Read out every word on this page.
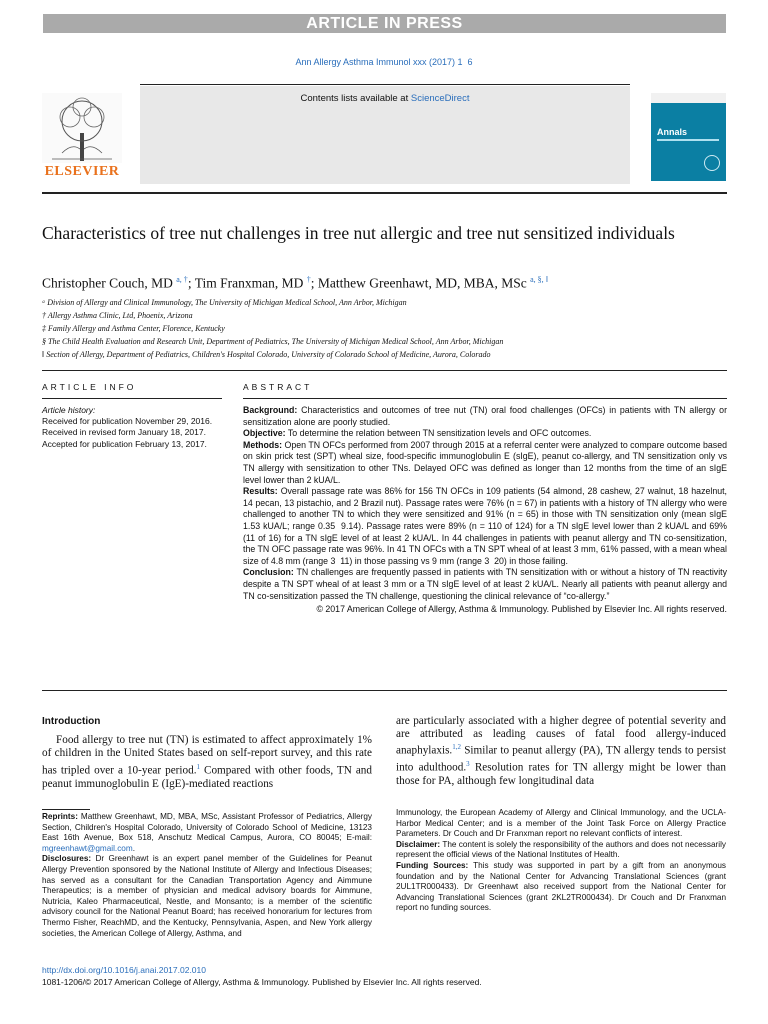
ARTICLE IN PRESS
Ann Allergy Asthma Immunol xxx (2017) 1  6
Contents lists available at ScienceDirect
ELSEVIER
Annals
Characteristics of tree nut challenges in tree nut allergic and tree nut sensitized individuals
Christopher Couch, MD $^{a, \dagger}$; Tim Franxman, MD †; Matthew Greenhawt, MD, MBA, MSc $^{a, \S, ‖}$
ᵃ Division of Allergy and Clinical Immunology, The University of Michigan Medical School, Ann Arbor, Michigan
† Allergy Asthma Clinic, Ltd, Phoenix, Arizona
‡ Family Allergy and Asthma Center, Florence, Kentucky
§ The Child Health Evaluation and Research Unit, Department of Pediatrics, The University of Michigan Medical School, Ann Arbor, Michigan
‖ Section of Allergy, Department of Pediatrics, Children's Hospital Colorado, University of Colorado School of Medicine, Aurora, Colorado
ARTICLE INFO	ABSTRACT
Article history:
Received for publication November 29, 2016.
Received in revised form January 18, 2017.
Accepted for publication February 13, 2017.

Background: Characteristics and outcomes of tree nut (TN) oral food challenges (OFCs) in patients with TN allergy or sensitization alone are poorly studied.

Objective: To determine the relation between TN sensitization levels and OFC outcomes.

Methods: Open TN OFCs performed from 2007 through 2015 at a referral center were analyzed to compare outcome based on skin prick test (SPT) wheal size, food-specific immunoglobulin E (sIgE), peanut co-allergy, and TN sensitization only vs TN allergy with sensitization to other TNs. Delayed OFC was defined as longer than 12 months from the time of an sIgE level lower than 2 kUA/L.

Results: Overall passage rate was 86% for 156 TN OFCs in 109 patients (54 almond, 28 cashew, 27 walnut, 18 hazelnut, 14 pecan, 13 pistachio, and 2 Brazil nut). Passage rates were 76% (n = 67) in patients with a history of TN allergy who were challenged to another TN to which they were sensitized and 91% (n = 65) in those with TN sensitization only (mean sIgE 1.53 kUA/L; range 0.35  9.14). Passage rates were 89% (n = 110 of 124) for a TN sIgE level lower than 2 kUA/L and 69% (11 of 16) for a TN sIgE level of at least 2 kUA/L. In 44 challenges in patients with peanut allergy and TN co-sensitization, the TN OFC passage rate was 96%. In 41 TN OFCs with a TN SPT wheal of at least 3 mm, 61% passed, with a mean wheal size of 4.8 mm (range 3  11) in those passing vs 9 mm (range 3  20) in those failing.

Conclusion: TN challenges are frequently passed in patients with TN sensitization with or without a history of TN reactivity despite a TN SPT wheal of at least 3 mm or a TN sIgE level of at least 2 kUA/L. Nearly all patients with peanut allergy and TN co-sensitization passed the TN challenge, questioning the clinical relevance of “co-allergy.”

© 2017 American College of Allergy, Asthma & Immunology. Published by Elsevier Inc. All rights reserved.

Introduction
Food allergy to tree nut (TN) is estimated to affect approximately 1% of children in the United States based on self-report survey, and this rate has tripled over a 10-year period.$^1$ Compared with other foods, TN and peanut immunoglobulin E (IgE)-mediated reactions
are particularly associated with a higher degree of potential severity and are attributed as leading causes of fatal food allergy-induced anaphylaxis.$^{1,2}$ Similar to peanut allergy (PA), TN allergy tends to persist into adulthood.$^3$ Resolution rates for TN allergy might be lower than those for PA, although few longitudinal data
Reprints: Matthew Greenhawt, MD, MBA, MSc, Assistant Professor of Pediatrics, Allergy Section, Children's Hospital Colorado, University of Colorado School of Medicine, 13123 East 16th Avenue, Box 518, Anschutz Medical Campus, Aurora, CO 80045; E-mail: mgreenhawt@gmail.com.
Disclosures: Dr Greenhawt is an expert panel member of the Guidelines for Peanut Allergy Prevention sponsored by the National Institute of Allergy and Infectious Diseases; has served as a consultant for the Canadian Transportation Agency and Aimmune Therapeutics; is a member of physician and medical advisory boards for Aimmune, Nutricia, Kaleo Pharmaceutical, Nestle, and Monsanto; is a member of the scientific advisory council for the National Peanut Board; has received honorarium for lectures from Thermo Fisher, ReachMD, and the Kentucky, Pennsylvania, Aspen, and New York allergy societies, the American College of Allergy, Asthma, and
Immunology, the European Academy of Allergy and Clinical Immunology, and the UCLA-Harbor Medical Center; and is a member of the Joint Task Force on Allergy Practice Parameters. Dr Couch and Dr Franxman report no relevant conflicts of interest.
Disclaimer: The content is solely the responsibility of the authors and does not necessarily represent the official views of the National Institutes of Health.
Funding Sources: This study was supported in part by a gift from an anonymous foundation and by the National Center for Advancing Translational Sciences (grant 2UL1TR000433). Dr Greenhawt also received support from the National Center for Advancing Translational Sciences (grant 2KL2TR000434). Dr Couch and Dr Franxman report no funding sources.
http://dx.doi.org/10.1016/j.anai.2017.02.010
1081-1206/© 2017 American College of Allergy, Asthma & Immunology. Published by Elsevier Inc. All rights reserved.
